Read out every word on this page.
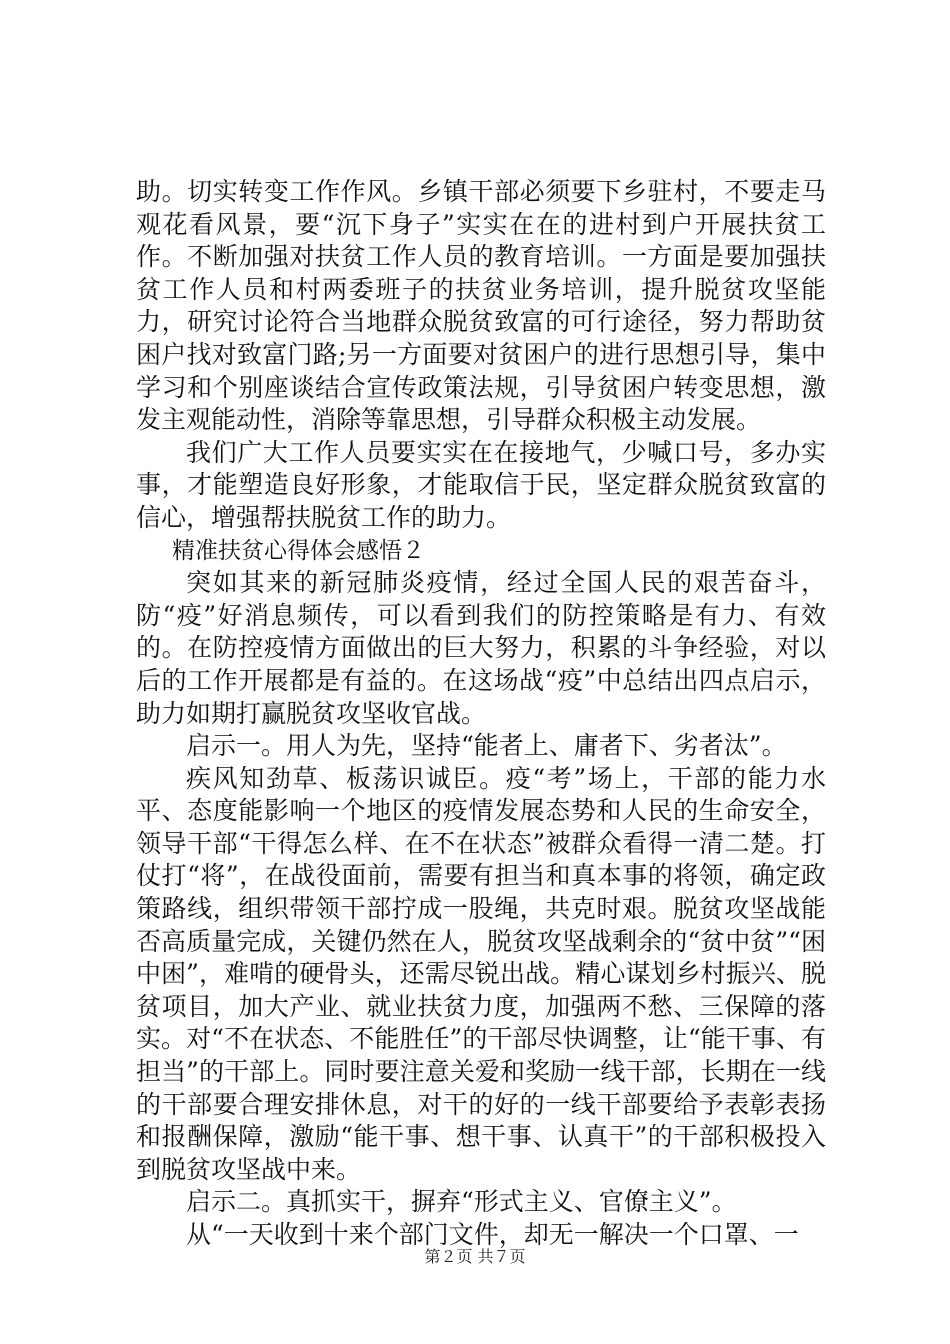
助。切实转变工作作风。乡镇干部必须要下乡驻村，不要走马观花看风景，要“沉下身子”实实在在的进村到户开展扶贫工作。不断加强对扶贫工作人员的教育培训。一方面是要加强扶贫工作人员和村两委班子的扶贫业务培训，提升脱贫攻坚能力，研究讨论符合当地群众脱贫致富的可行途径，努力帮助贫困户找对致富门路;另一方面要对贫困户的进行思想引导，集中学习和个别座谈结合宣传政策法规，引导贫困户转变思想，激发主观能动性，消除等靠思想，引导群众积极主动发展。

我们广大工作人员要实实在在接地气，少喊口号，多办实事，才能塑造良好形象，才能取信于民，坚定群众脱贫致富的信心，增强帮扶脱贫工作的助力。

精准扶贫心得体会感悟２

突如其来的新冠肺炎疫情，经过全国人民的艰苦奋斗，防“疫”好消息频传，可以看到我们的防控策略是有力、有效的。在防控疫情方面做出的巨大努力，积累的斗争经验，对以后的工作开展都是有益的。在这场战“疫”中总结出四点启示，助力如期打赢脱贫攻坚收官战。

启示一。用人为先，坚持“能者上、庸者下、劣者汰”。

疾风知劲草、板荡识诚臣。疫“考”场上，干部的能力水平、态度能影响一个地区的疫情发展态势和人民的生命安全，领导干部“干得怎么样、在不在状态”被群众看得一清二楚。打仗打“将”，在战役面前，需要有担当和真本事的将领，确定政策路线，组织带领干部拧成一股绳，共克时艰。脱贫攻坚战能否高质量完成，关键仍然在人，脱贫攻坚战剩余的“贫中贫”“困中困”，难啃的硬骨头，还需尽锐出战。精心谋划乡村振兴、脱贫项目，加大产业、就业扶贫力度，加强两不愁、三保障的落实。对“不在状态、不能胜任”的干部尽快调整，让“能干事、有担当”的干部上。同时要注意关爱和奖励一线干部，长期在一线的干部要合理安排休息，对干的好的一线干部要给予表彰表扬和报酬保障，激励“能干事、想干事、认真干”的干部积极投入到脱贫攻坚战中来。

启示二。真抓实干，摒弃“形式主义、官僚主义”。

从“一天收到十来个部门文件，却无一解决一个口罩、一

第２页 共７页
